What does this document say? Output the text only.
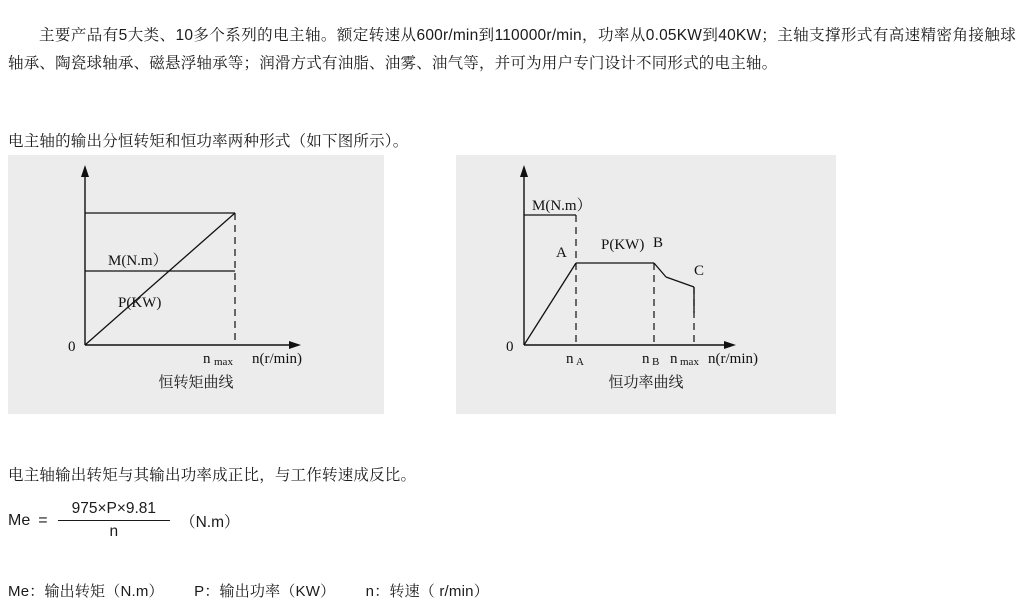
主要产品有5大类、10多个系列的电主轴。额定转速从600r/min到110000r/min，功率从0.05KW到40KW；主轴支撑形式有高速精密角接触球轴承、陶瓷球轴承、磁悬浮轴承等；润滑方式有油脂、油雾、油气等，并可为用户专门设计不同形式的电主轴。

电主轴的输出分恒转矩和恒功率两种形式（如下图所示）。

0
M(N.m）
P(KW)
n max n(r/min)
恒转矩曲线
M(N.m）
A P(KW) B
C
0
n A	n B n max n(r/min)
恒功率曲线

电主轴输出转矩与其输出功率成正比，与工作转速成反比。

$Me = \frac{975\times P\times 9.81}{n} (N.m)$

Me：输出转矩（N.m） P：输出功率（KW） n：转速（ r/min）
